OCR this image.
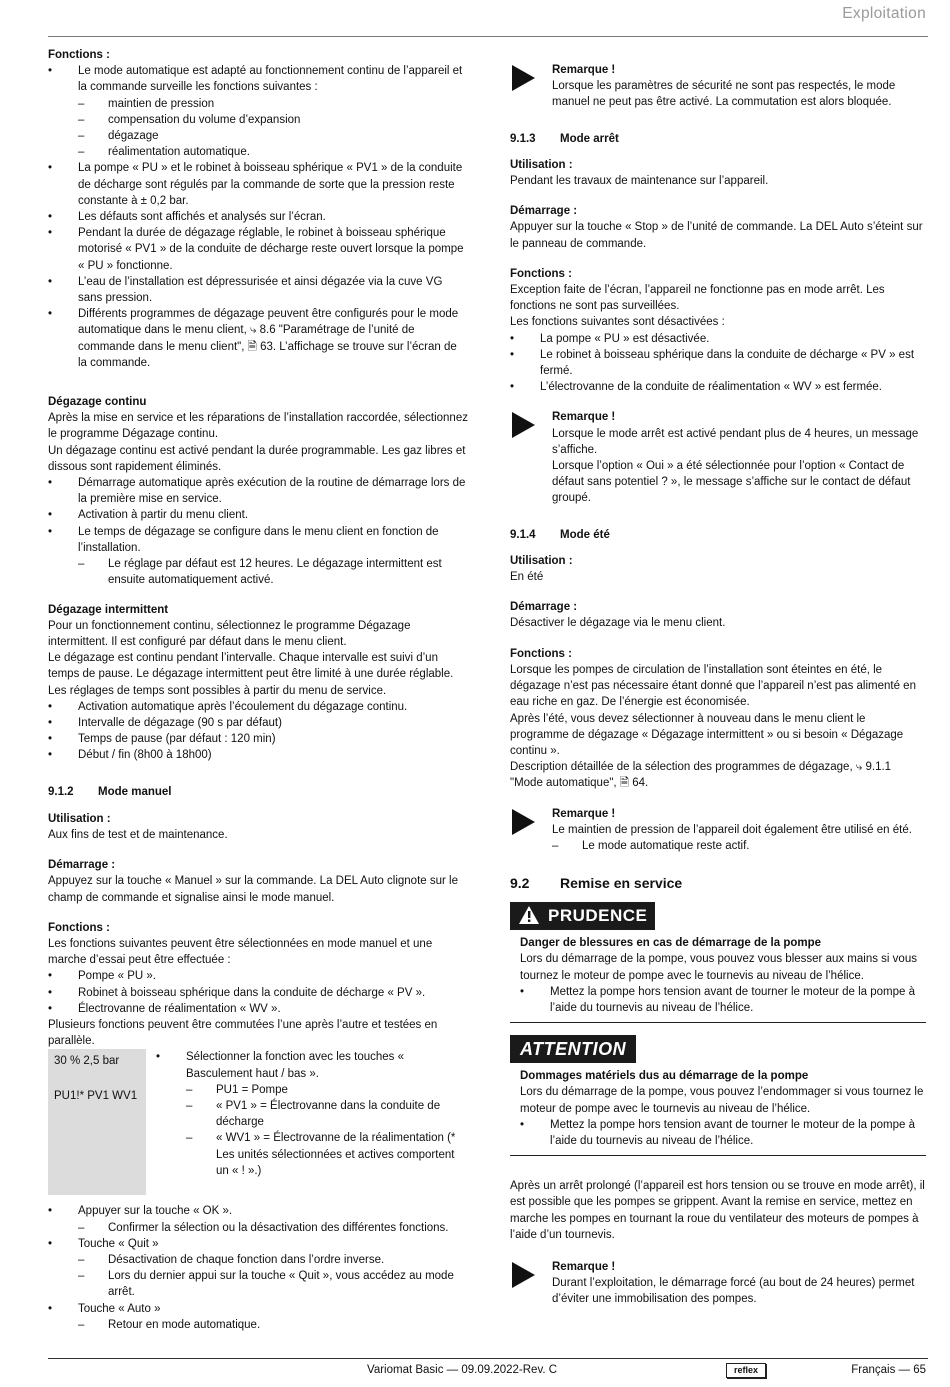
Exploitation
Fonctions :
• Le mode automatique est adapté au fonctionnement continu de l’appareil et la commande surveille les fonctions suivantes :
– maintien de pression
– compensation du volume d’expansion
– dégazage
– réalimentation automatique.
• La pompe « PU » et le robinet à boisseau sphérique « PV1 » de la conduite de décharge sont régulés par la commande de sorte que la pression reste constante à ± 0,2 bar.
• Les défauts sont affichés et analysés sur l’écran.
• Pendant la durée de dégazage réglable, le robinet à boisseau sphérique motorisé « PV1 » de la conduite de décharge reste ouvert lorsque la pompe « PU » fonctionne.
• L’eau de l’installation est dépressurisée et ainsi dégazée via la cuve VG sans pression.
• Différents programmes de dégazage peuvent être configurés pour le mode automatique dans le menu client, ⤷ 8.6 "Paramétrage de l’unité de commande dans le menu client", 🗎 63. L’affichage se trouve sur l’écran de la commande.
Dégazage continu

Après la mise en service et les réparations de l’installation raccordée, sélectionnez le programme Dégazage continu.

Un dégazage continu est activé pendant la durée programmable. Les gaz libres et dissous sont rapidement éliminés.

• Démarrage automatique après exécution de la routine de démarrage lors de la première mise en service.
• Activation à partir du menu client.
• Le temps de dégazage se configure dans le menu client en fonction de l’installation.
– Le réglage par défaut est 12 heures. Le dégazage intermittent est ensuite automatiquement activé.
Dégazage intermittent

Pour un fonctionnement continu, sélectionnez le programme Dégazage intermittent. Il est configuré par défaut dans le menu client.

Le dégazage est continu pendant l’intervalle. Chaque intervalle est suivi d’un temps de pause. Le dégazage intermittent peut être limité à une durée réglable. Les réglages de temps sont possibles à partir du menu de service.

• Activation automatique après l’écoulement du dégazage continu.
• Intervalle de dégazage (90 s par défaut)
• Temps de pause (par défaut : 120 min)
• Début / fin (8h00 à 18h00)
9.1.2	Mode manuel
Utilisation :

Aux fins de test et de maintenance.

Démarrage :

Appuyez sur la touche « Manuel » sur la commande. La DEL Auto clignote sur le champ de commande et signalise ainsi le mode manuel.

Fonctions :

Les fonctions suivantes peuvent être sélectionnées en mode manuel et une marche d’essai peut être effectuée :

• Pompe « PU ».
• Robinet à boisseau sphérique dans la conduite de décharge « PV ».
• Électrovanne de réalimentation « WV ».

Plusieurs fonctions peuvent être commutées l’une après l’autre et testées en parallèle.

30 % 2,5 bar

PU1!* PV1 WV1

• Sélectionner la fonction avec les touches « Basculement haut / bas ».
– PU1 = Pompe
– « PV1 » = Électrovanne dans la conduite de décharge
– « WV1 » = Électrovanne de la réalimentation (* Les unités sélectionnées et actives comportent un « ! ».)
• Appuyer sur la touche « OK ».
– Confirmer la sélection ou la désactivation des différentes fonctions.
• Touche « Quit »
– Désactivation de chaque fonction dans l’ordre inverse.
– Lors du dernier appui sur la touche « Quit », vous accédez au mode arrêt.
• Touche « Auto »
– Retour en mode automatique.
Remarque !

Lorsque les paramètres de sécurité ne sont pas respectés, le mode manuel ne peut pas être activé. La commutation est alors bloquée.

9.1.3	Mode arrêt
Utilisation :

Pendant les travaux de maintenance sur l’appareil.

Démarrage :

Appuyer sur la touche « Stop » de l’unité de commande. La DEL Auto s’éteint sur le panneau de commande.

Fonctions :

Exception faite de l’écran, l’appareil ne fonctionne pas en mode arrêt. Les fonctions ne sont pas surveillées.

Les fonctions suivantes sont désactivées :

• La pompe « PU » est désactivée.
• Le robinet à boisseau sphérique dans la conduite de décharge « PV » est fermé.
• L’électrovanne de la conduite de réalimentation « WV » est fermée.
Remarque !

Lorsque le mode arrêt est activé pendant plus de 4 heures, un message s’affiche.

Lorsque l’option « Oui » a été sélectionnée pour l’option « Contact de défaut sans potentiel ? », le message s’affiche sur le contact de défaut groupé.

9.1.4	Mode été
Utilisation :

En été

Démarrage :

Désactiver le dégazage via le menu client.

Fonctions :

Lorsque les pompes de circulation de l’installation sont éteintes en été, le dégazage n’est pas nécessaire étant donné que l’appareil n’est pas alimenté en eau riche en gaz. De l’énergie est économisée.

Après l’été, vous devez sélectionner à nouveau dans le menu client le programme de dégazage « Dégazage intermittent » ou si besoin « Dégazage continu ».

Description détaillée de la sélection des programmes de dégazage, ⤷ 9.1.1 "Mode automatique", 🗎 64.

Remarque !

Le maintien de pression de l’appareil doit également être utilisé en été.

– Le mode automatique reste actif.
9.2	Remise en service
PRUDENCE
Danger de blessures en cas de démarrage de la pompe

Lors du démarrage de la pompe, vous pouvez vous blesser aux mains si vous tournez le moteur de pompe avec le tournevis au niveau de l’hélice.

• Mettez la pompe hors tension avant de tourner le moteur de la pompe à l’aide du tournevis au niveau de l’hélice.
ATTENTION
Dommages matériels dus au démarrage de la pompe

Lors du démarrage de la pompe, vous pouvez l’endommager si vous tournez le moteur de pompe avec le tournevis au niveau de l’hélice.

• Mettez la pompe hors tension avant de tourner le moteur de la pompe à l’aide du tournevis au niveau de l’hélice.

Après un arrêt prolongé (l’appareil est hors tension ou se trouve en mode arrêt), il est possible que les pompes se grippent. Avant la remise en service, mettez en marche les pompes en tournant la roue du ventilateur des moteurs de pompes à l’aide d’un tournevis.

Remarque !

Durant l’exploitation, le démarrage forcé (au bout de 24 heures) permet d’éviter une immobilisation des pompes.

Variomat Basic — 09.09.2022-Rev. C	reflex	Français — 65
